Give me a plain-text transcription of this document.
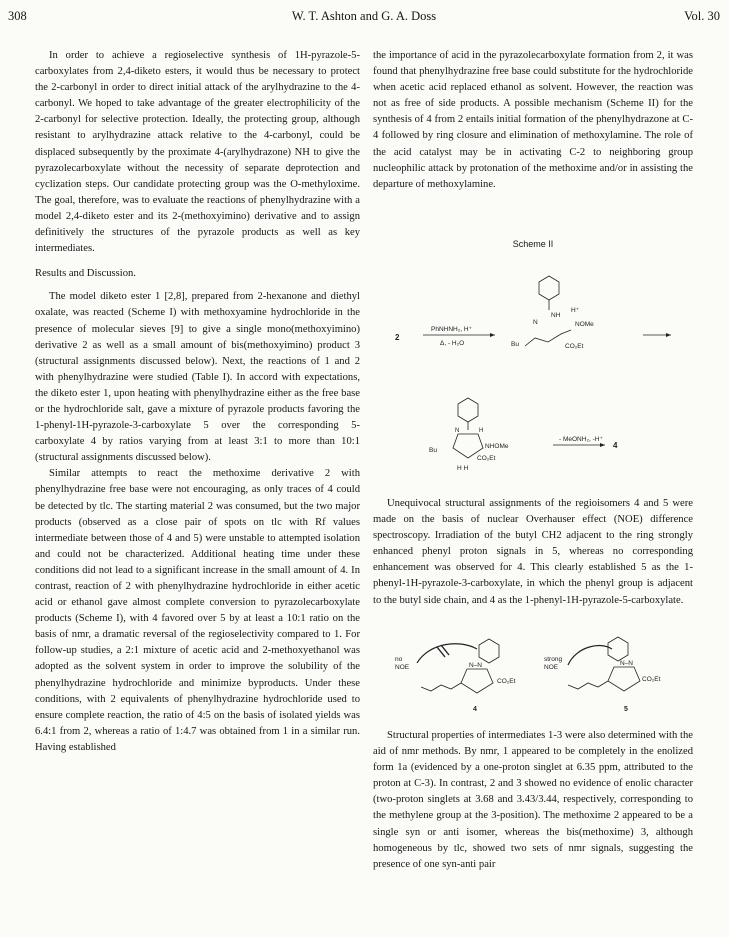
308	W. T. Ashton and G. A. Doss	Vol. 30

In order to achieve a regioselective synthesis of 1H-pyrazole-5-carboxylates from 2,4-diketo esters, it would thus be necessary to protect the 2-carbonyl in order to direct initial attack of the arylhydrazine to the 4-carbonyl. We hoped to take advantage of the greater electrophilicity of the 2-carbonyl for selective protection. Ideally, the protecting group, although resistant to arylhydrazine attack relative to the 4-carbonyl, could be displaced subsequently by the proximate 4-(arylhydrazone) NH to give the pyrazolecarboxylate without the necessity of separate deprotection and cyclization steps. Our candidate protecting group was the O-methyloxime. The goal, therefore, was to evaluate the reactions of phenylhydrazine with a model 2,4-diketo ester and its 2-(methoxyimino) derivative and to assign definitively the structures of the pyrazole products as well as key intermediates.

Results and Discussion.

The model diketo ester 1 [2,8], prepared from 2-hexanone and diethyl oxalate, was reacted (Scheme I) with methoxyamine hydrochloride in the presence of molecular sieves [9] to give a single mono(methoxyimino) derivative 2 as well as a small amount of bis(methoxyimino) product 3 (structural assignments discussed below). Next, the reactions of 1 and 2 with phenylhydrazine were studied (Table I). In accord with expectations, the diketo ester 1, upon heating with phenylhydrazine either as the free base or the hydrochloride salt, gave a mixture of pyrazole products favoring the 1-phenyl-1H-pyrazole-3-carboxylate 5 over the corresponding 5-carboxylate 4 by ratios varying from at least 3:1 to more than 10:1 (structural assignments discussed below).

Similar attempts to react the methoxime derivative 2 with phenylhydrazine free base were not encouraging, as only traces of 4 could be detected by tlc. The starting material 2 was consumed, but the two major products (observed as a close pair of spots on tlc with Rf values intermediate between those of 4 and 5) were unstable to attempted isolation and could not be characterized. Additional heating time under these conditions did not lead to a significant increase in the small amount of 4. In contrast, reaction of 2 with phenylhydrazine hydrochloride in either acetic acid or ethanol gave almost complete conversion to pyrazolecarboxylate products (Scheme I), with 4 favored over 5 by at least a 10:1 ratio on the basis of nmr, a dramatic reversal of the regioselectivity compared to 1. For follow-up studies, a 2:1 mixture of acetic acid and 2-methoxyethanol was adopted as the solvent system in order to improve the solubility of the phenylhydrazine hydrochloride and minimize byproducts. Under these conditions, with 2 equivalents of phenylhydrazine hydrochloride used to ensure complete reaction, the ratio of 4:5 on the basis of isolated yields was 6.4:1 from 2, whereas a ratio of 1:4.7 was obtained from 1 in a similar run. Having established

the importance of acid in the pyrazolecarboxylate formation from 2, it was found that phenylhydrazine free base could substitute for the hydrochloride when acetic acid replaced ethanol as solvent. However, the reaction was not as free of side products. A possible mechanism (Scheme II) for the synthesis of 4 from 2 entails initial formation of the phenylhydrazone at C-4 followed by ring closure and elimination of methoxylamine. The role of the acid catalyst may be in activating C-2 to neighboring group nucleophilic attack by protonation of the methoxime and/or in assisting the departure of methoxylamine.

Scheme II
2
PhNHNH₂, H⁺
Δ, - H₂O
NH
N
H⁺
NOMe
Bu	CO₂Et
N	H
Bu
NHOMe
CO₂Et
H H
- MeONH₂, -H⁺
4

Unequivocal structural assignments of the regioisomers 4 and 5 were made on the basis of nuclear Overhauser effect (NOE) difference spectroscopy. Irradiation of the butyl CH2 adjacent to the ring strongly enhanced phenyl proton signals in 5, whereas no corresponding enhancement was observed for 4. This clearly established 5 as the 1-phenyl-1H-pyrazole-3-carboxylate, in which the phenyl group is adjacent to the butyl side chain, and 4 as the 1-phenyl-1H-pyrazole-5-carboxylate.

no
NOE	N–N
CO₂Et
4
strong
NOE
N–N
CO₂Et
5

Structural properties of intermediates 1-3 were also determined with the aid of nmr methods. By nmr, 1 appeared to be completely in the enolized form 1a (evidenced by a one-proton singlet at 6.35 ppm, attributed to the proton at C-3). In contrast, 2 and 3 showed no evidence of enolic character (two-proton singlets at 3.68 and 3.43/3.44, respectively, corresponding to the methylene group at the 3-position). The methoxime 2 appeared to be a single syn or anti isomer, whereas the bis(methoxime) 3, although homogeneous by tlc, showed two sets of nmr signals, suggesting the presence of one syn-anti pair
